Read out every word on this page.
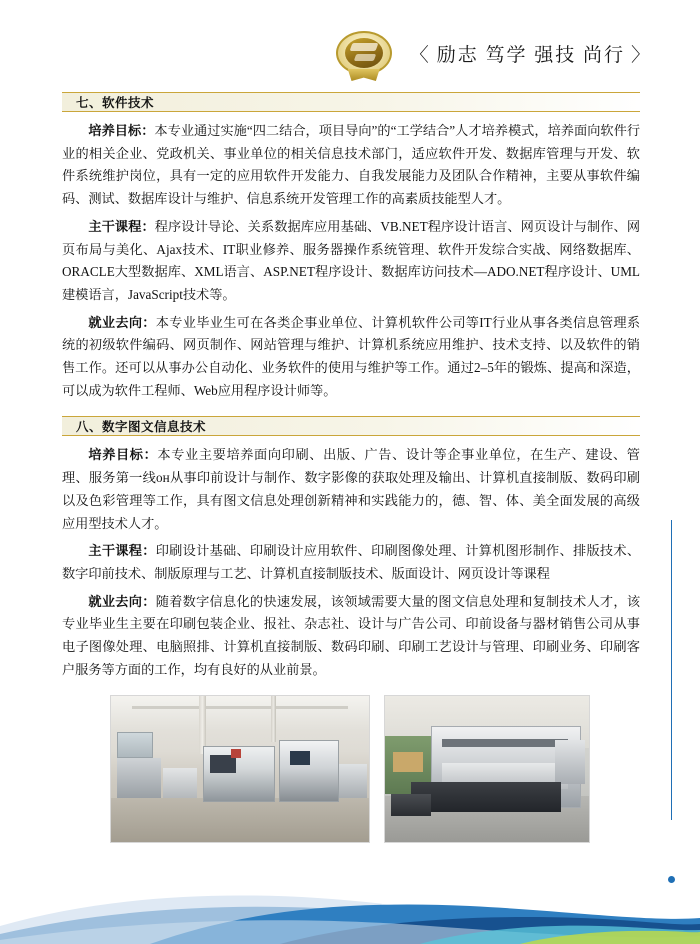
〈 励志 笃学 强技 尚行 〉
七、软件技术

培养目标：本专业通过实施“四二结合，项目导向”的“工学结合”人才培养模式，培养面向软件行业的相关企业、党政机关、事业单位的相关信息技术部门，适应软件开发、数据库管理与开发、软件系统维护岗位，具有一定的应用软件开发能力、自我发展能力及团队合作精神，主要从事软件编码、测试、数据库设计与维护、信息系统开发管理工作的高素质技能型人才。

主干课程：程序设计导论、关系数据库应用基础、VB.NET程序设计语言、网页设计与制作、网页布局与美化、Ajax技术、IT职业修养、服务器操作系统管理、软件开发综合实战、网络数据库、ORACLE大型数据库、XML语言、ASP.NET程序设计、数据库访问技术—ADO.NET程序设计、UML建模语言，JavaScript技术等。

就业去向：本专业毕业生可在各类企事业单位、计算机软件公司等IT行业从事各类信息管理系统的初级软件编码、网页制作、网站管理与维护、计算机系统应用维护、技术支持、以及软件的销售工作。还可以从事办公自动化、业务软件的使用与维护等工作。通过2–5年的锻炼、提高和深造，可以成为软件工程师、Web应用程序设计师等。

八、数字图文信息技术

培养目标：本专业主要培养面向印刷、出版、广告、设计等企事业单位，在生产、建设、管理、服务第一线он从事印前设计与制作、数字影像的获取处理及输出、计算机直接制版、数码印刷以及色彩管理等工作，具有图文信息处理创新精神和实践能力的，德、智、体、美全面发展的高级应用型技术人才。

主干课程：印刷设计基础、印刷设计应用软件、印刷图像处理、计算机图形制作、排版技术、数字印前技术、制版原理与工艺、计算机直接制版技术、版面设计、网页设计等课程

就业去向：随着数字信息化的快速发展，该领域需要大量的图文信息处理和复制技术人才，该专业毕业生主要在印刷包装企业、报社、杂志社、设计与广告公司、印前设备与器材销售公司从事电子图像处理、电脑照排、计算机直接制版、数码印刷、印刷工艺设计与管理、印刷业务、印刷客户服务等方面的工作，均有良好的从业前景。
